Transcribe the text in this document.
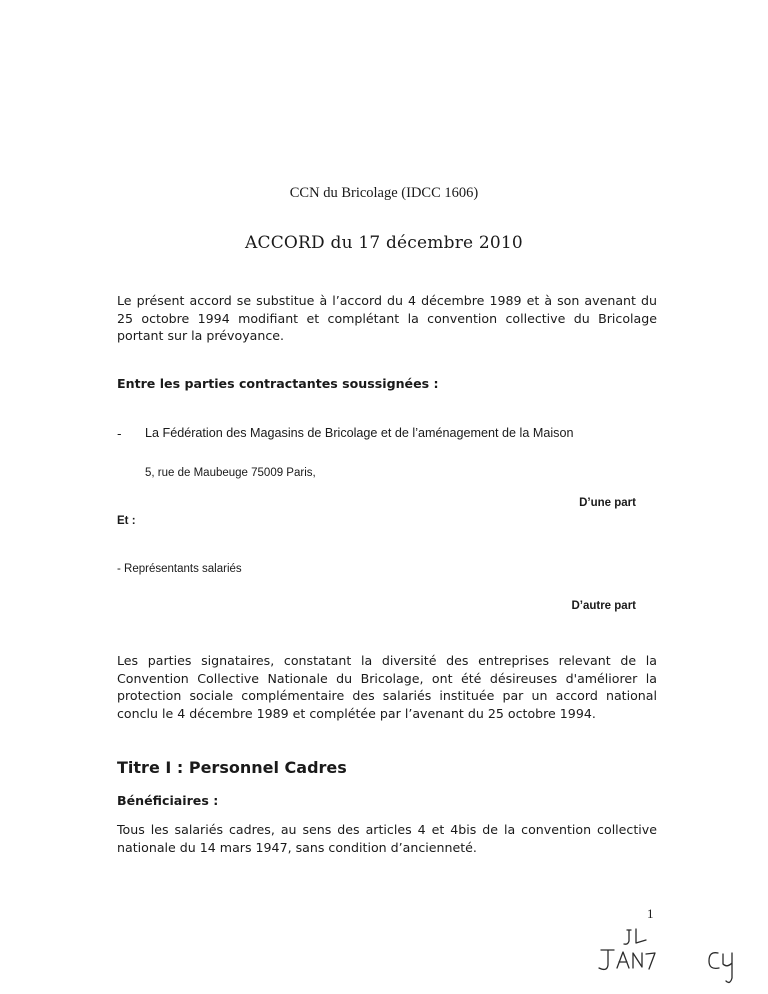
CCN du Bricolage (IDCC 1606)

ACCORD du 17 décembre 2010

Le présent accord se substitue à l’accord du 4 décembre 1989 et à son avenant du 25 octobre 1994 modifiant et complétant la convention collective du Bricolage portant sur la prévoyance.

Entre les parties contractantes soussignées :

- La Fédération des Magasins de Bricolage et de l’aménagement de la Maison

5, rue de Maubeuge 75009 Paris,

D’une part

Et :

- Représentants salariés

D’autre part

Les parties signataires, constatant la diversité des entreprises relevant de la Convention Collective Nationale du Bricolage, ont été désireuses d'améliorer la protection sociale complémentaire des salariés instituée par un accord national conclu le 4 décembre 1989 et complétée par l’avenant du 25 octobre 1994.

Titre I : Personnel Cadres

Bénéficiaires :

Tous les salariés cadres, au sens des articles 4 et 4bis de la convention collective nationale du 14 mars 1947, sans condition d’ancienneté.

1
